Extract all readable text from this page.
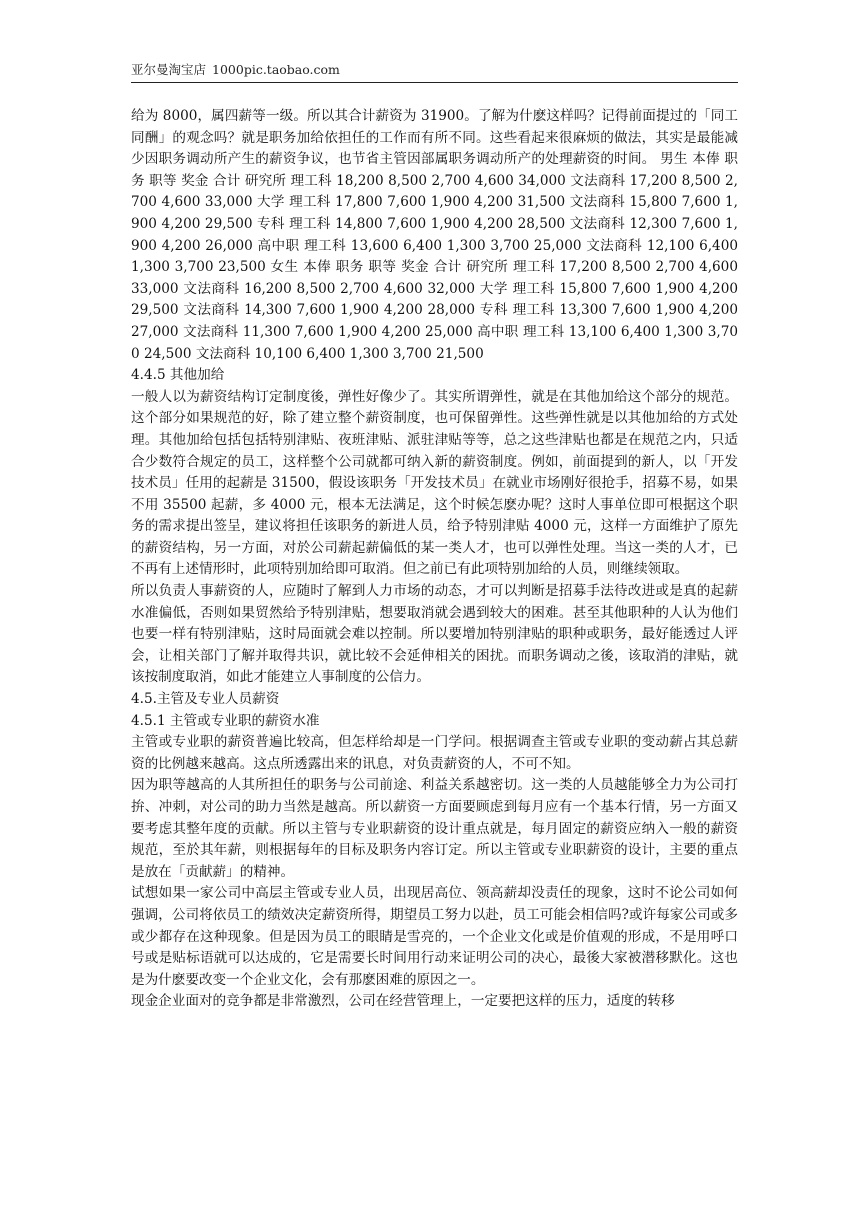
亚尔曼淘宝店 1000pic.taobao.com

给为 8000，属四薪等一级。所以其合计薪资为 31900。了解为什麽这样吗？记得前面提过的「同工同酬」的观念吗？就是职务加给依担任的工作而有所不同。这些看起来很麻烦的做法，其实是最能减少因职务调动所产生的薪资争议，也节省主管因部属职务调动所产的处理薪资的时间。 男生 本俸 职务 职等 奖金 合计 研究所 理工科 18,200 8,500 2,700 4,600 34,000 文法商科 17,200 8,500 2,700 4,600 33,000 大学 理工科 17,800 7,600 1,900 4,200 31,500 文法商科 15,800 7,600 1,900 4,200 29,500 专科 理工科 14,800 7,600 1,900 4,200 28,500 文法商科 12,300 7,600 1,900 4,200 26,000 高中职 理工科 13,600 6,400 1,300 3,700 25,000 文法商科 12,100 6,400 1,300 3,700 23,500 女生 本俸 职务 职等 奖金 合计 研究所 理工科 17,200 8,500 2,700 4,600 33,000 文法商科 16,200 8,500 2,700 4,600 32,000 大学 理工科 15,800 7,600 1,900 4,200 29,500 文法商科 14,300 7,600 1,900 4,200 28,000 专科 理工科 13,300 7,600 1,900 4,200 27,000 文法商科 11,300 7,600 1,900 4,200 25,000 高中职 理工科 13,100 6,400 1,300 3,700 24,500 文法商科 10,100 6,400 1,300 3,700 21,500

4.4.5 其他加给

一般人以为薪资结构订定制度後，弹性好像少了。其实所谓弹性，就是在其他加给这个部分的规范。这个部分如果规范的好，除了建立整个薪资制度，也可保留弹性。这些弹性就是以其他加给的方式处理。其他加给包括包括特别津贴、夜班津贴、派驻津贴等等，总之这些津贴也都是在规范之内，只适合少数符合规定的员工，这样整个公司就都可纳入新的薪资制度。例如，前面提到的新人，以「开发技术员」任用的起薪是 31500，假设该职务「开发技术员」在就业市场刚好很抢手，招募不易，如果不用 35500 起薪，多 4000 元，根本无法满足，这个时候怎麽办呢？这时人事单位即可根据这个职务的需求提出签呈，建议将担任该职务的新进人员，给予特别津贴 4000 元，这样一方面维护了原先的薪资结构，另一方面，对於公司薪起薪偏低的某一类人才，也可以弹性处理。当这一类的人才，已不再有上述情形时，此项特别加给即可取消。但之前已有此项特别加给的人员，则继续领取。

所以负责人事薪资的人，应随时了解到人力市场的动态，才可以判断是招募手法待改进或是真的起薪水准偏低，否则如果贸然给予特别津贴，想要取消就会遇到较大的困难。甚至其他职种的人认为他们也要一样有特别津贴，这时局面就会难以控制。所以要增加特别津贴的职种或职务，最好能透过人评会，让相关部门了解并取得共识，就比较不会延伸相关的困扰。而职务调动之後，该取消的津贴，就该按制度取消，如此才能建立人事制度的公信力。

4.5.主管及专业人员薪资
4.5.1 主管或专业职的薪资水准

主管或专业职的薪资普遍比较高，但怎样给却是一门学问。根据调查主管或专业职的变动薪占其总薪资的比例越来越高。这点所透露出来的讯息，对负责薪资的人，不可不知。

因为职等越高的人其所担任的职务与公司前途、利益关系越密切。这一类的人员越能够全力为公司打拚、冲刺，对公司的助力当然是越高。所以薪资一方面要顾虑到每月应有一个基本行情，另一方面又要考虑其整年度的贡献。所以主管与专业职薪资的设计重点就是，每月固定的薪资应纳入一般的薪资规范，至於其年薪，则根据每年的目标及职务内容订定。所以主管或专业职薪资的设计，主要的重点是放在「贡献薪」的精神。

试想如果一家公司中高层主管或专业人员，出现居高位、领高薪却没责任的现象，这时不论公司如何强调，公司将依员工的绩效决定薪资所得，期望员工努力以赴，员工可能会相信吗?或许每家公司或多或少都存在这种现象。但是因为员工的眼睛是雪亮的，一个企业文化或是价值观的形成，不是用呼口号或是贴标语就可以达成的，它是需要长时间用行动来证明公司的决心，最後大家被潜移默化。这也是为什麽要改变一个企业文化，会有那麽困难的原因之一。

现金企业面对的竞争都是非常激烈，公司在经营管理上，一定要把这样的压力，适度的转移
